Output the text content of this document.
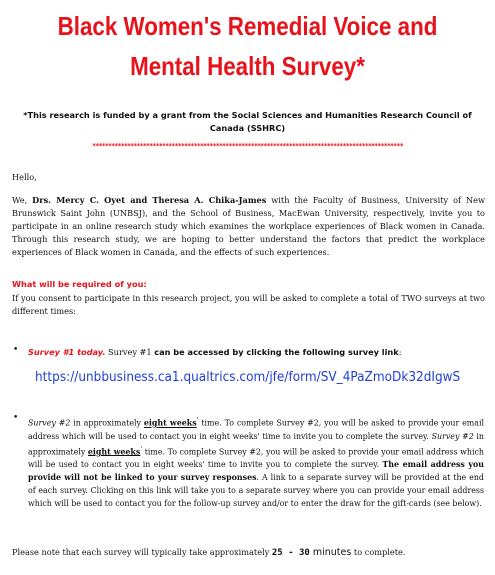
Black Women's Remedial Voice and
Mental Health Survey*
*This research is funded by a grant from the Social Sciences and Humanities Research Council of Canada (SSHRC)
**************************************************************************************************
Hello,
We, Drs. Mercy C. Oyet and Theresa A. Chika-James with the Faculty of Business, University of New Brunswick Saint John (UNBSJ), and the School of Business, MacEwan University, respectively, invite you to participate in an online research study which examines the workplace experiences of Black women in Canada. Through this research study, we are hoping to better understand the factors that predict the workplace experiences of Black women in Canada, and the effects of such experiences.
What will be required of you:
If you consent to participate in this research project, you will be asked to complete a total of TWO surveys at two different times:
• Survey #1 today. Survey #1 can be accessed by clicking the following survey link:
https://unbbusiness.ca1.qualtrics.com/jfe/form/SV_4PaZmoDk32dIgwS
•
Survey #2 in approximately eight weeks' time. To complete Survey #2, you will be asked to provide your email address which will be used to contact you in eight weeks' time to invite you to complete the survey. Survey #2 in approximately eight weeks' time. To complete Survey #2, you will be asked to provide your email address which will be used to contact you in eight weeks' time to invite you to complete the survey. The email address you provide will not be linked to your survey responses. A link to a separate survey will be provided at the end of each survey. Clicking on this link will take you to a separate survey where you can provide your email address which will be used to contact you for the follow-up survey and/or to enter the draw for the gift-cards (see below).
Please note that each survey will typically take approximately 25 - 30 minutes to complete.
